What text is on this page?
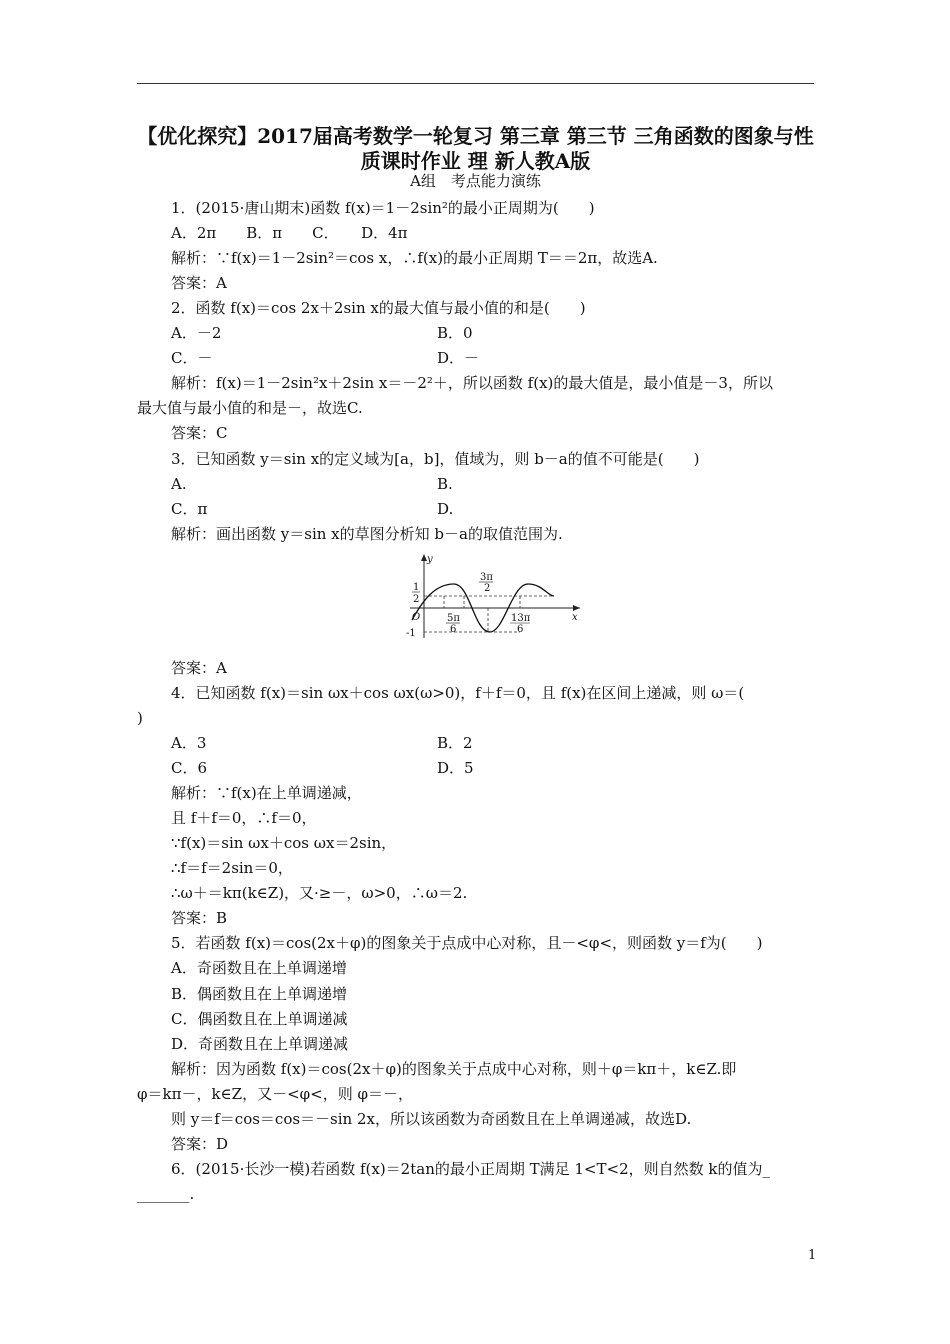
【优化探究】2017届高考数学一轮复习 第三章 第三节 三角函数的图象与性质课时作业 理 新人教A版
A组　考点能力演练
1．(2015·唐山期末)函数 f(x)＝1－2sin²的最小正周期为(　　)
A．2π　　B．π　　C．　　D．4π
解析：∵f(x)＝1－2sin²＝cos x，∴f(x)的最小正周期 T＝＝2π，故选A.
答案：A
2．函数 f(x)＝cos 2x＋2sin x的最大值与最小值的和是(　　)
A．－2	B．0
C．－	D．－
解析：f(x)＝1－2sin²x＋2sin x＝－2²＋，所以函数 f(x)的最大值是，最小值是－3，所以
最大值与最小值的和是－，故选C.
答案：C
3．已知函数 y＝sin x的定义域为[a，b]，值域为，则 b－a的值不可能是(　　)
A.	B.
C．π	D.
解析：画出函数 y＝sin x的草图分析知 b－a的取值范围为.
y
x
O
1
2
-1
3π
2
5π
6
13π
6
答案：A
4．已知函数 f(x)＝sin ωx＋cos ωx(ω>0)，f＋f＝0，且 f(x)在区间上递减，则 ω＝(
)
A．3	B．2
C．6	D．5
解析：∵f(x)在上单调递减，
且 f＋f＝0，∴f＝0，
∵f(x)＝sin ωx＋cos ωx＝2sin，
∴f＝f＝2sin＝0，
∴ω＋＝kπ(k∈Z)，又·≥－，ω>0，∴ω＝2.
答案：B
5．若函数 f(x)＝cos(2x＋φ)的图象关于点成中心对称，且－<φ<，则函数 y＝f为(　　)
A．奇函数且在上单调递增
B．偶函数且在上单调递增
C．偶函数且在上单调递减
D．奇函数且在上单调递减
解析：因为函数 f(x)＝cos(2x＋φ)的图象关于点成中心对称，则＋φ＝kπ＋，k∈Z.即
φ＝kπ－，k∈Z，又－<φ<，则 φ＝－，
则 y＝f＝cos＝cos＝－sin 2x，所以该函数为奇函数且在上单调递减，故选D.
答案：D
6．(2015·长沙一模)若函数 f(x)＝2tan的最小正周期 T满足 1<T<2，则自然数 k的值为_
_______.
1
